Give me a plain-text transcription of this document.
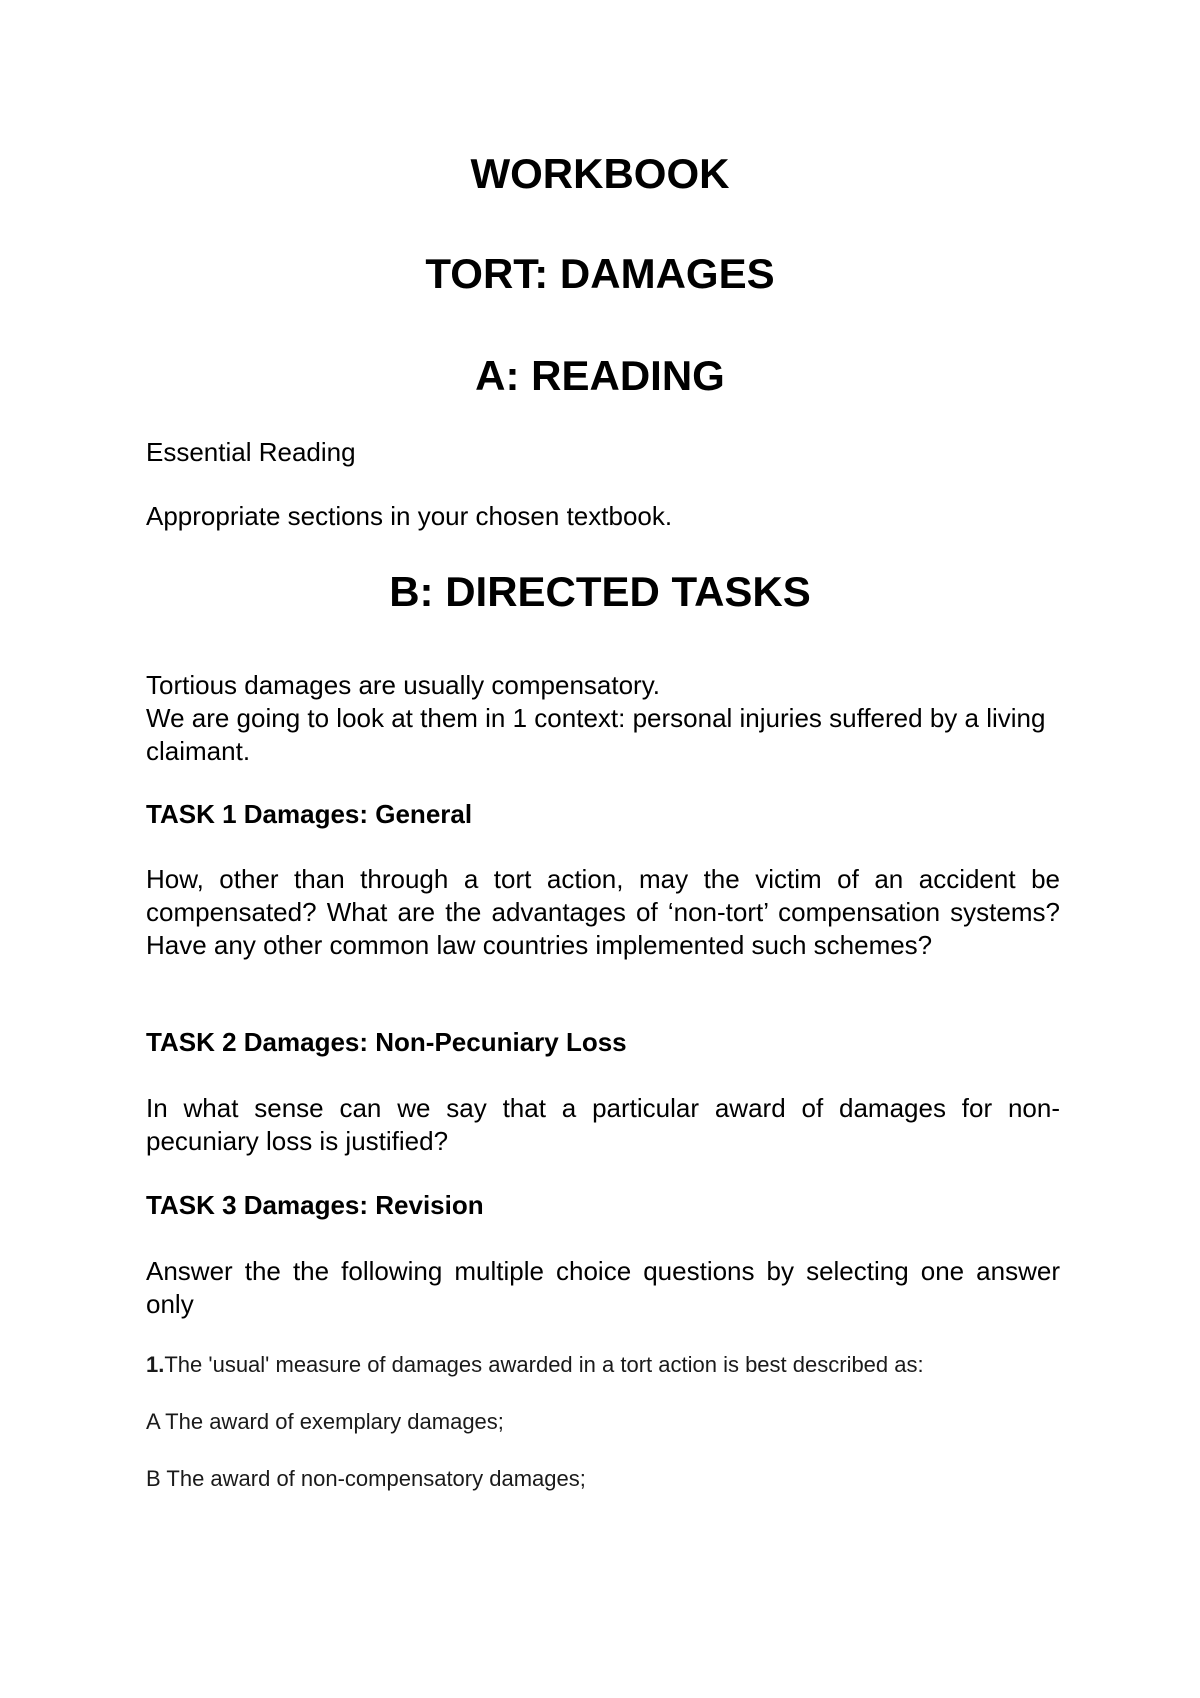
WORKBOOK
TORT: DAMAGES
A: READING

Essential Reading

Appropriate sections in your chosen textbook.

B: DIRECTED TASKS
Tortious damages are usually compensatory.
We are going to look at them in 1 context: personal injuries suffered by a living claimant.

TASK 1 Damages: General

How, other than through a tort action, may the victim of an accident be compensated? What are the advantages of ‘non-tort’ compensation systems? Have any other common law countries implemented such schemes?

TASK 2 Damages: Non-Pecuniary Loss

In what sense can we say that a particular award of damages for non-pecuniary loss is justified?

TASK 3 Damages: Revision

Answer the the following multiple choice questions by selecting one answer only

1.The 'usual' measure of damages awarded in a tort action is best described as:

A The award of exemplary damages;

B The award of non-compensatory damages;
